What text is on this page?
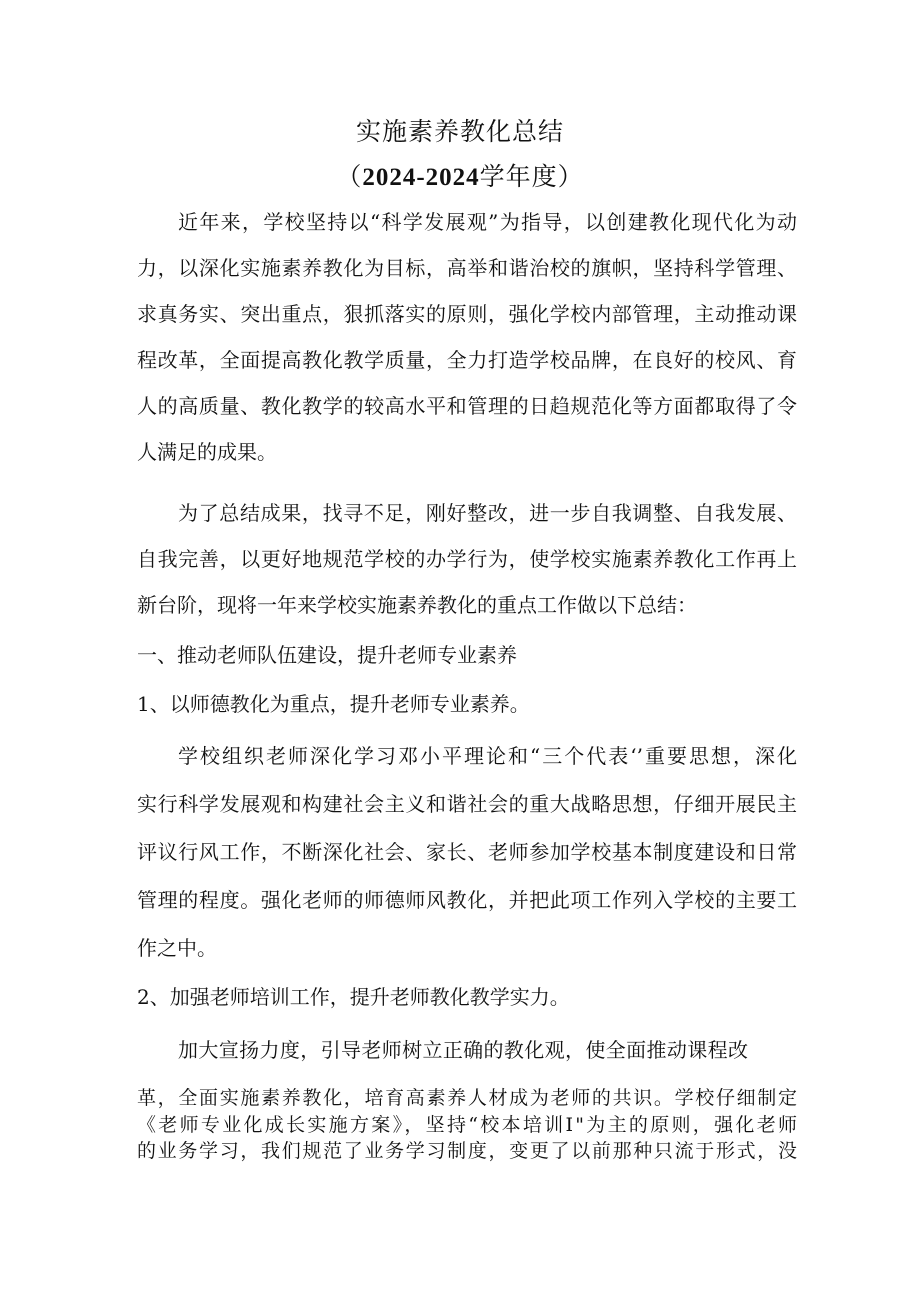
实施素养教化总结
（2024-2024学年度）

近年来，学校坚持以“科学发展观”为指导，以创建教化现代化为动

力，以深化实施素养教化为目标，高举和谐治校的旗帜，坚持科学管理、

求真务实、突出重点，狠抓落实的原则，强化学校内部管理，主动推动课

程改革，全面提高教化教学质量，全力打造学校品牌，在良好的校风、育

人的高质量、教化教学的较高水平和管理的日趋规范化等方面都取得了令

人满足的成果。

为了总结成果，找寻不足，刚好整改，进一步自我调整、自我发展、

自我完善，以更好地规范学校的办学行为，使学校实施素养教化工作再上

新台阶，现将一年来学校实施素养教化的重点工作做以下总结：

一、推动老师队伍建设，提升老师专业素养

1、以师德教化为重点，提升老师专业素养。

学校组织老师深化学习邓小平理论和“三个代表‘’重要思想，深化

实行科学发展观和构建社会主义和谐社会的重大战略思想，仔细开展民主

评议行风工作，不断深化社会、家长、老师参加学校基本制度建设和日常

管理的程度。强化老师的师德师风教化，并把此项工作列入学校的主要工

作之中。

2、加强老师培训工作，提升老师教化教学实力。

加大宣扬力度，引导老师树立正确的教化观，使全面推动课程改

革，全面实施素养教化，培育高素养人材成为老师的共识。学校仔细制定

《老师专业化成长实施方案》，坚持“校本培训Ⅰ"为主的原则，强化老师

的业务学习，我们规范了业务学习制度，变更了以前那种只流于形式，没
